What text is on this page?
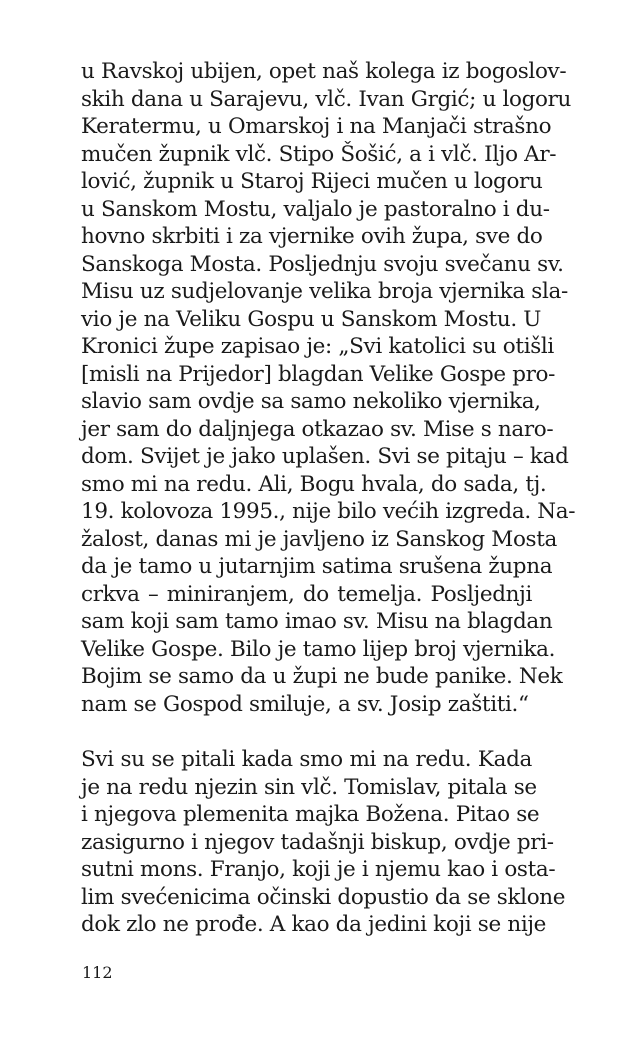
u Ravskoj ubijen, opet naš kolega iz bogoslov-
skih dana u Sarajevu, vlč. Ivan Grgić; u logoru
Keratermu, u Omarskoj i na Manjači strašno
mučen župnik vlč. Stipo Šošić, a i vlč. Iljo Ar-
lović, župnik u Staroj Rijeci mučen u logoru
u Sanskom Mostu, valjalo je pastoralno i du-
hovno skrbiti i za vjernike ovih župa, sve do
Sanskoga Mosta. Posljednju svoju svečanu sv.
Misu uz sudjelovanje velika broja vjernika sla-
vio je na Veliku Gospu u Sanskom Mostu. U
Kronici župe zapisao je: „Svi katolici su otišli
[misli na Prijedor] blagdan Velike Gospe pro-
slavio sam ovdje sa samo nekoliko vjernika,
jer sam do daljnjega otkazao sv. Mise s naro-
dom. Svijet je jako uplašen. Svi se pitaju – kad
smo mi na redu. Ali, Bogu hvala, do sada, tj.
19. kolovoza 1995., nije bilo većih izgreda. Na-
žalost, danas mi je javljeno iz Sanskog Mosta
da je tamo u jutarnjim satima srušena župna
crkva – miniranjem, do temelja. Posljednji
sam koji sam tamo imao sv. Misu na blagdan
Velike Gospe. Bilo je tamo lijep broj vjernika.
Bojim se samo da u župi ne bude panike. Nek
nam se Gospod smiluje, a sv. Josip zaštiti.“
Svi su se pitali kada smo mi na redu. Kada
je na redu njezin sin vlč. Tomislav, pitala se
i njegova plemenita majka Božena. Pitao se
zasigurno i njegov tadašnji biskup, ovdje pri-
sutni mons. Franjo, koji je i njemu kao i osta-
lim svećenicima očinski dopustio da se sklone
dok zlo ne prođe. A kao da jedini koji se nije
112
